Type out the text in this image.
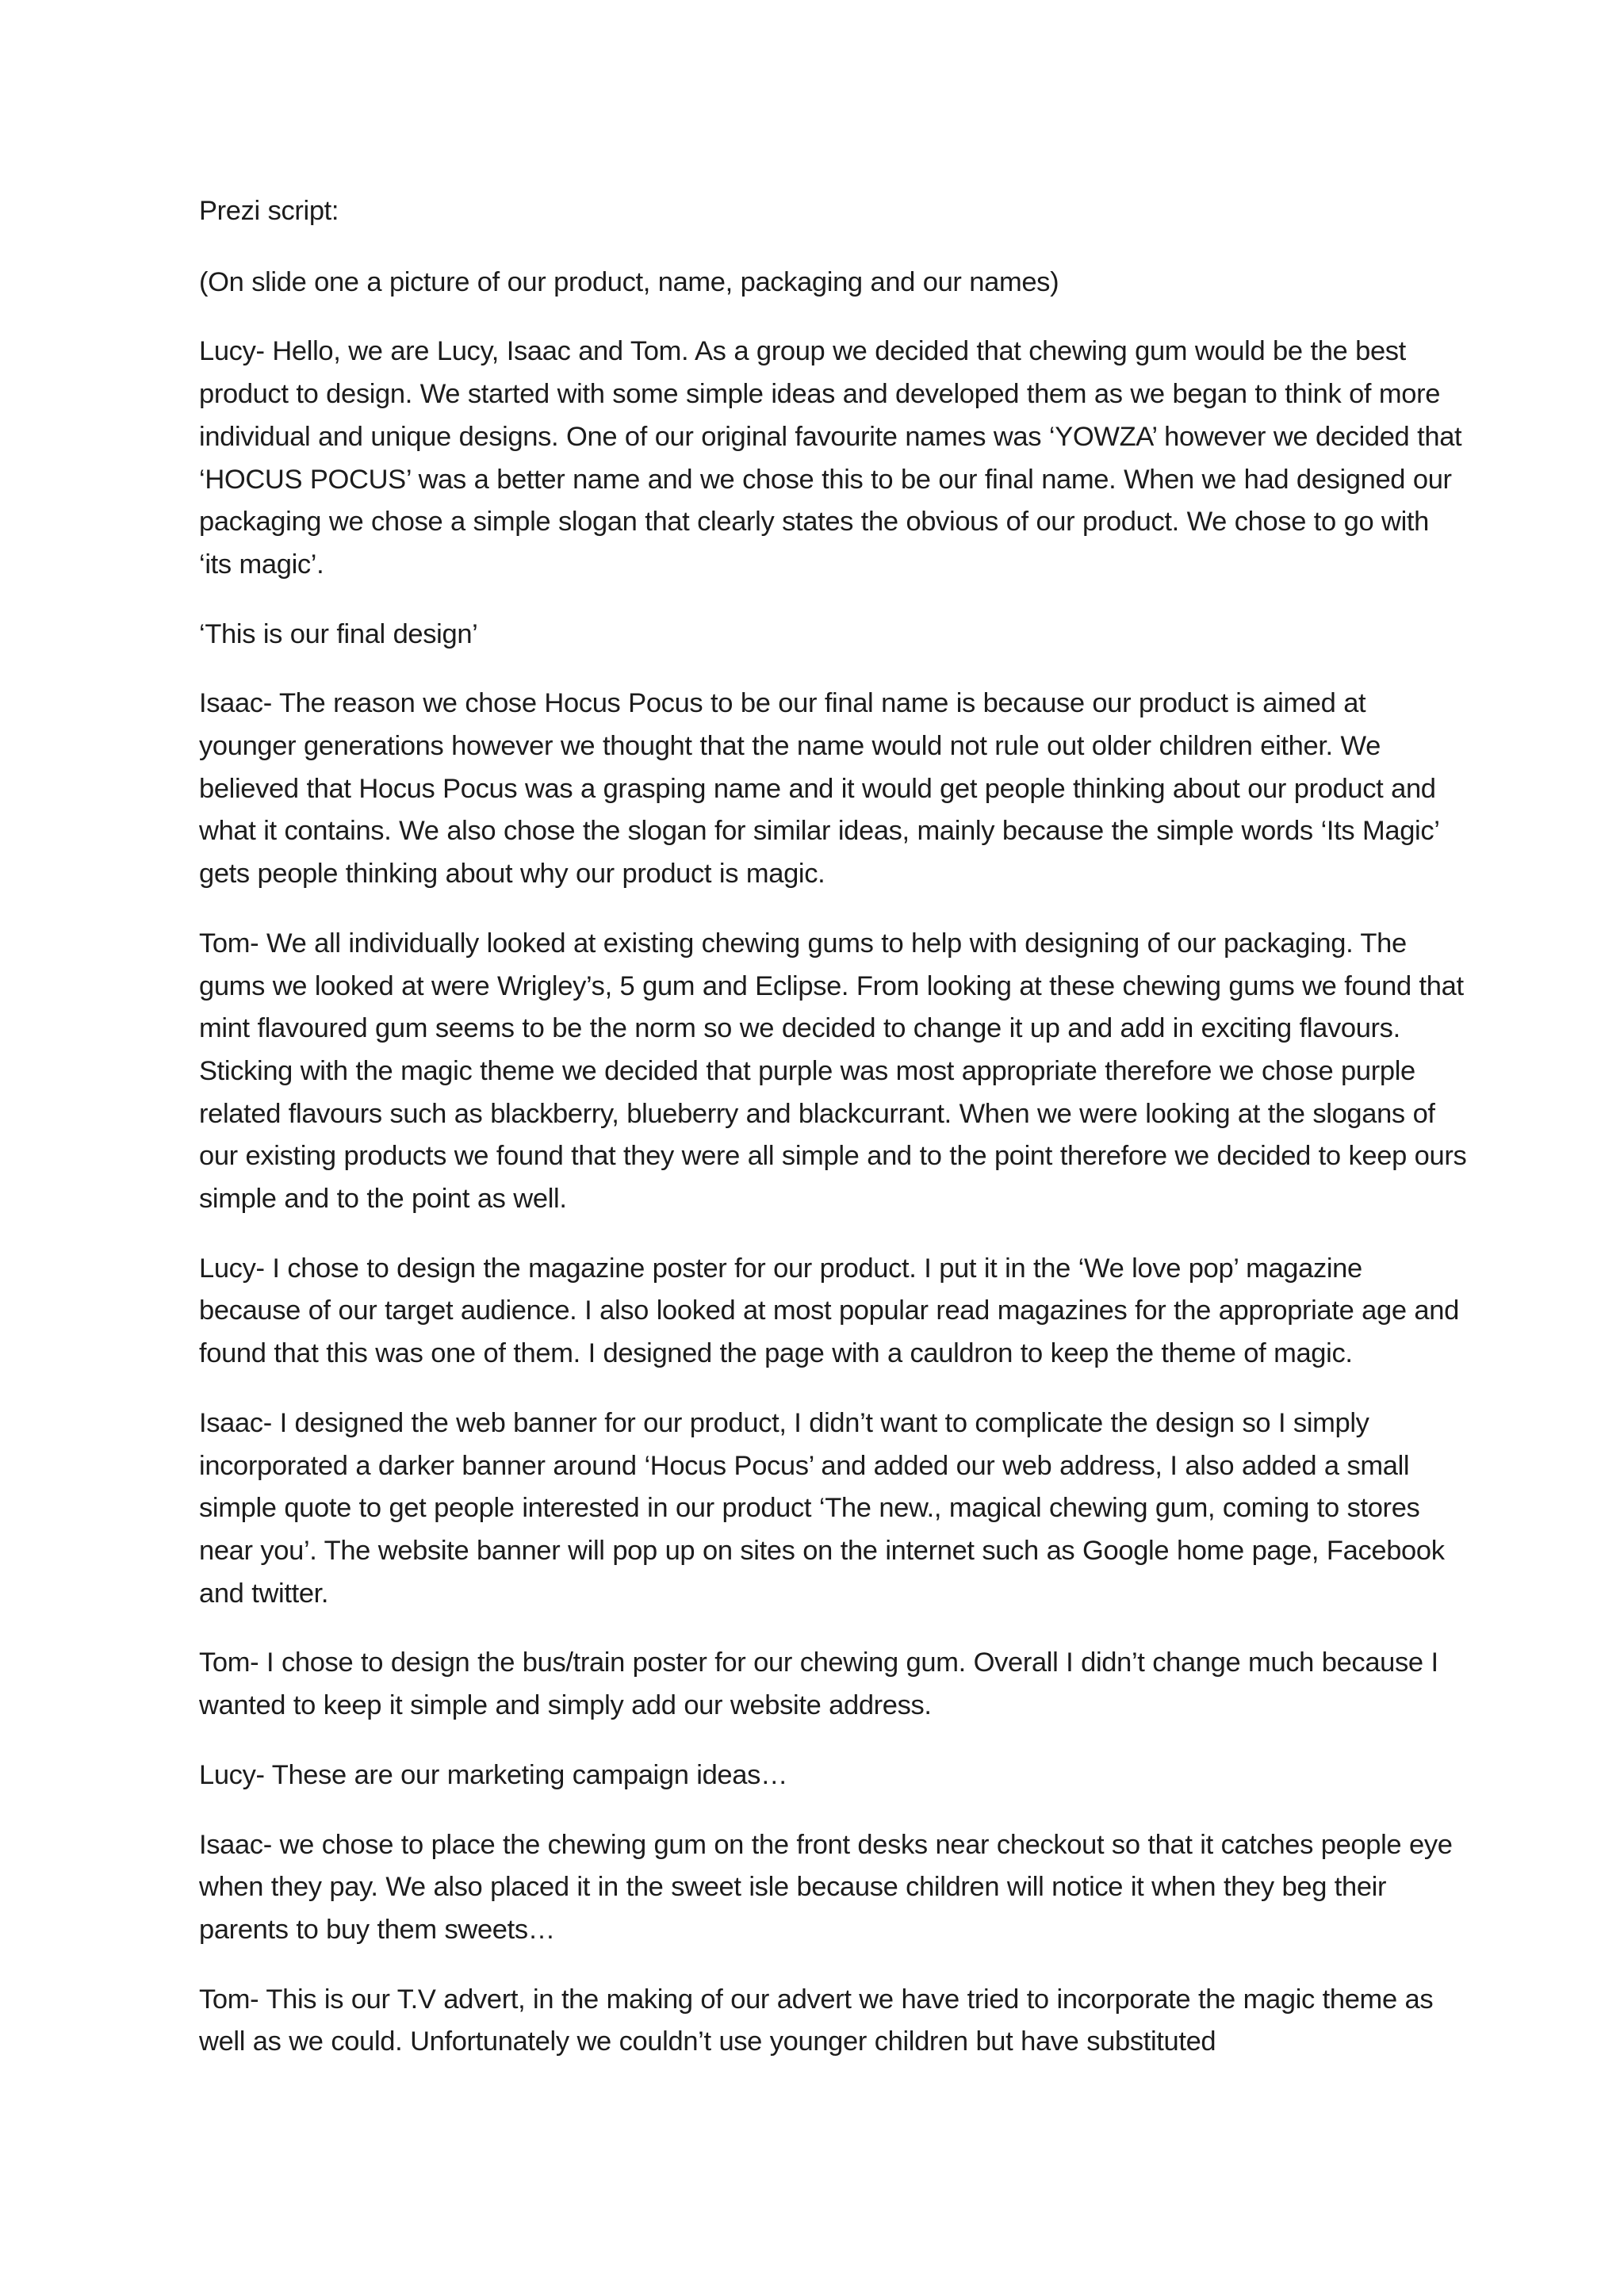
Prezi script:

(On slide one a picture of our product, name, packaging and our names)

Lucy- Hello, we are Lucy, Isaac and Tom. As a group we decided that chewing gum would be the best product to design. We started with some simple ideas and developed them as we began to think of more individual and unique designs. One of our original favourite names was ‘YOWZA’ however we decided that ‘HOCUS POCUS’ was a better name and we chose this to be our final name. When we had designed our packaging we chose a simple slogan that clearly states the obvious of our product. We chose to go with ‘its magic’.

‘This is our final design’

Isaac- The reason we chose Hocus Pocus to be our final name is because our product is aimed at younger generations however we thought that the name would not rule out older children either. We believed that Hocus Pocus was a grasping name and it would get people thinking about our product and what it contains. We also chose the slogan for similar ideas, mainly because the simple words ‘Its Magic’ gets people thinking about why our product is magic.

Tom- We all individually looked at existing chewing gums to help with designing of our packaging. The gums we looked at were Wrigley’s, 5 gum and Eclipse. From looking at these chewing gums we found that mint flavoured gum seems to be the norm so we decided to change it up and add in exciting flavours. Sticking with the magic theme we decided that purple was most appropriate therefore we chose purple related flavours such as blackberry, blueberry and blackcurrant. When we were looking at the slogans of our existing products we found that they were all simple and to the point therefore we decided to keep ours simple and to the point as well.

Lucy- I chose to design the magazine poster for our product. I put it in the ‘We love pop’ magazine because of our target audience. I also looked at most popular read magazines for the appropriate age and found that this was one of them. I designed the page with a cauldron to keep the theme of magic.

Isaac- I designed the web banner for our product, I didn’t want to complicate the design so I simply incorporated a darker banner around ‘Hocus Pocus’ and added our web address, I also added a small simple quote to get people interested in our product ‘The new., magical chewing gum, coming to stores near you’. The website banner will pop up on sites on the internet such as Google home page, Facebook and twitter.

Tom- I chose to design the bus/train poster for our chewing gum. Overall I didn’t change much because I wanted to keep it simple and simply add our website address.

Lucy- These are our marketing campaign ideas…

Isaac- we chose to place the chewing gum on the front desks near checkout so that it catches people eye when they pay. We also placed it in the sweet isle because children will notice it when they beg their parents to buy them sweets…

Tom- This is our T.V advert, in the making of our advert we have tried to incorporate the magic theme as well as we could. Unfortunately we couldn’t use younger children but have substituted
